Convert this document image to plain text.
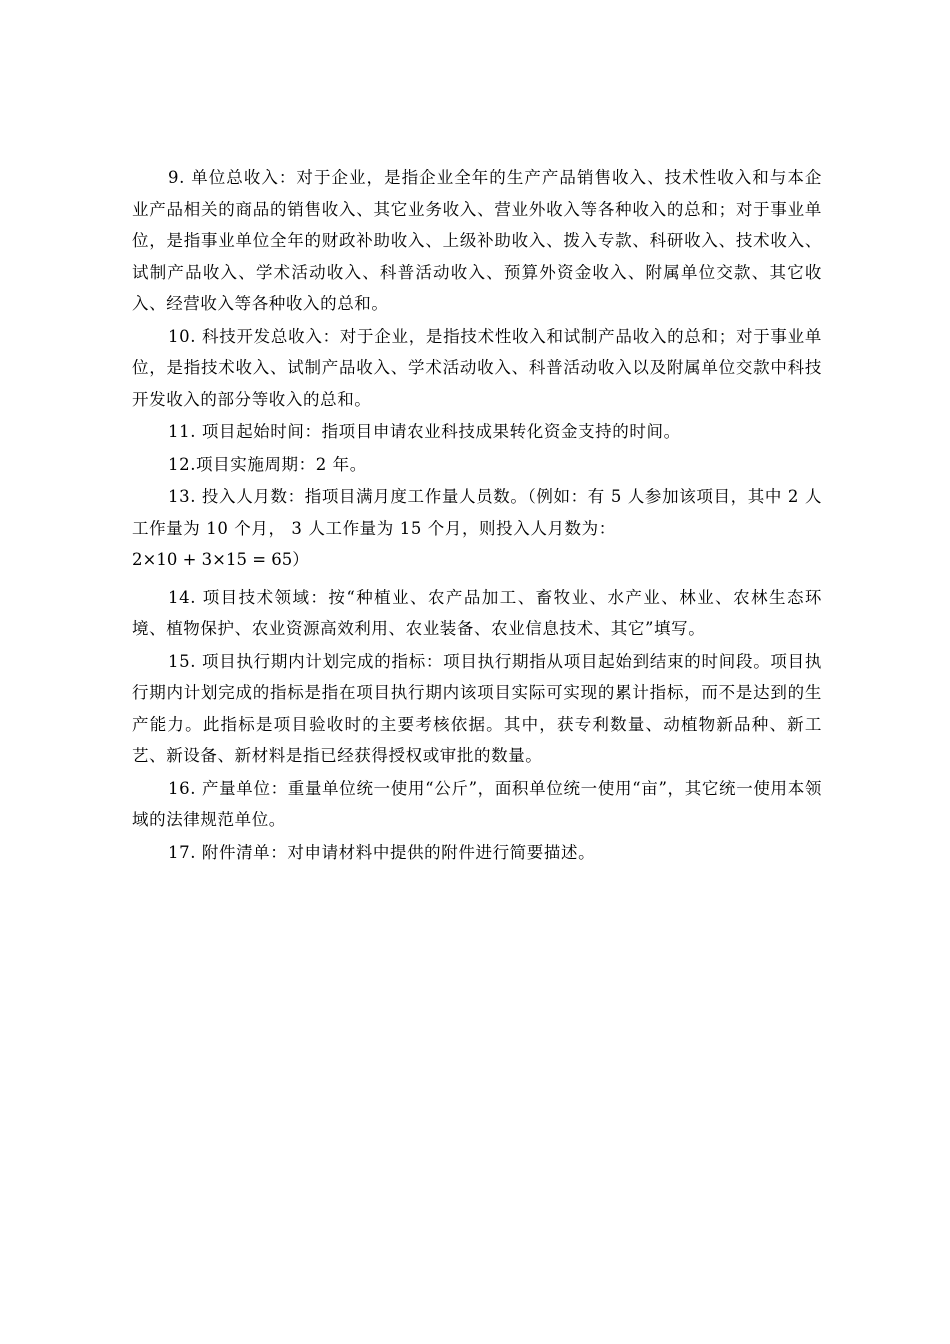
9. 单位总收入：对于企业，是指企业全年的生产产品销售收入、技术性收入和与本企业产品相关的商品的销售收入、其它业务收入、营业外收入等各种收入的总和；对于事业单位，是指事业单位全年的财政补助收入、上级补助收入、拨入专款、科研收入、技术收入、试制产品收入、学术活动收入、科普活动收入、预算外资金收入、附属单位交款、其它收入、经营收入等各种收入的总和。

10. 科技开发总收入：对于企业，是指技术性收入和试制产品收入的总和；对于事业单位，是指技术收入、试制产品收入、学术活动收入、科普活动收入以及附属单位交款中科技开发收入的部分等收入的总和。

11. 项目起始时间：指项目申请农业科技成果转化资金支持的时间。

12.项目实施周期：2 年。

13. 投入人月数：指项目满月度工作量人员数。（例如：有 5 人参加该项目，其中 2 人工作量为 10 个月， 3 人工作量为 15 个月，则投入人月数为：

2×10 + 3×15 = 65）

14. 项目技术领域：按“种植业、农产品加工、畜牧业、水产业、林业、农林生态环境、植物保护、农业资源高效利用、农业装备、农业信息技术、其它”填写。

15. 项目执行期内计划完成的指标：项目执行期指从项目起始到结束的时间段。项目执行期内计划完成的指标是指在项目执行期内该项目实际可实现的累计指标，而不是达到的生产能力。此指标是项目验收时的主要考核依据。其中，获专利数量、动植物新品种、新工艺、新设备、新材料是指已经获得授权或审批的数量。

16. 产量单位：重量单位统一使用“公斤”，面积单位统一使用“亩”，其它统一使用本领域的法律规范单位。

17. 附件清单：对申请材料中提供的附件进行简要描述。
